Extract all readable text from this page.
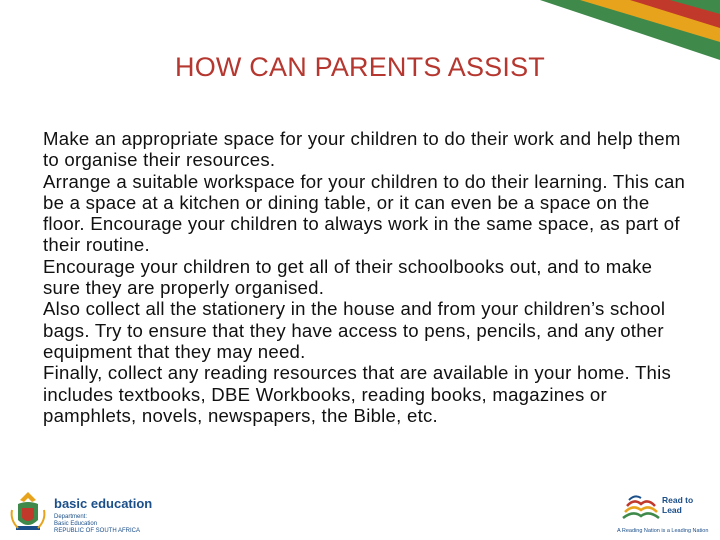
HOW CAN PARENTS ASSIST

Make an appropriate space for your children to do their work and help them to organise their resources.

Arrange a suitable workspace for your children to do their learning. This can be a space at a kitchen or dining table, or it can even be a space on the floor. Encourage your children to always work in the same space, as part of their routine.

Encourage your children to get all of their schoolbooks out, and to make sure they are properly organised.

Also collect all the stationery in the house and from your children’s school bags. Try to ensure that they have access to pens, pencils, and any other equipment that they may need.

Finally, collect any reading resources that are available in your home. This includes textbooks, DBE Workbooks, reading books, magazines or pamphlets, novels, newspapers, the Bible, etc.

basic education
Department:
Basic Education
REPUBLIC OF SOUTH AFRICA
Read to Lead
A Reading Nation is a Leading Nation
